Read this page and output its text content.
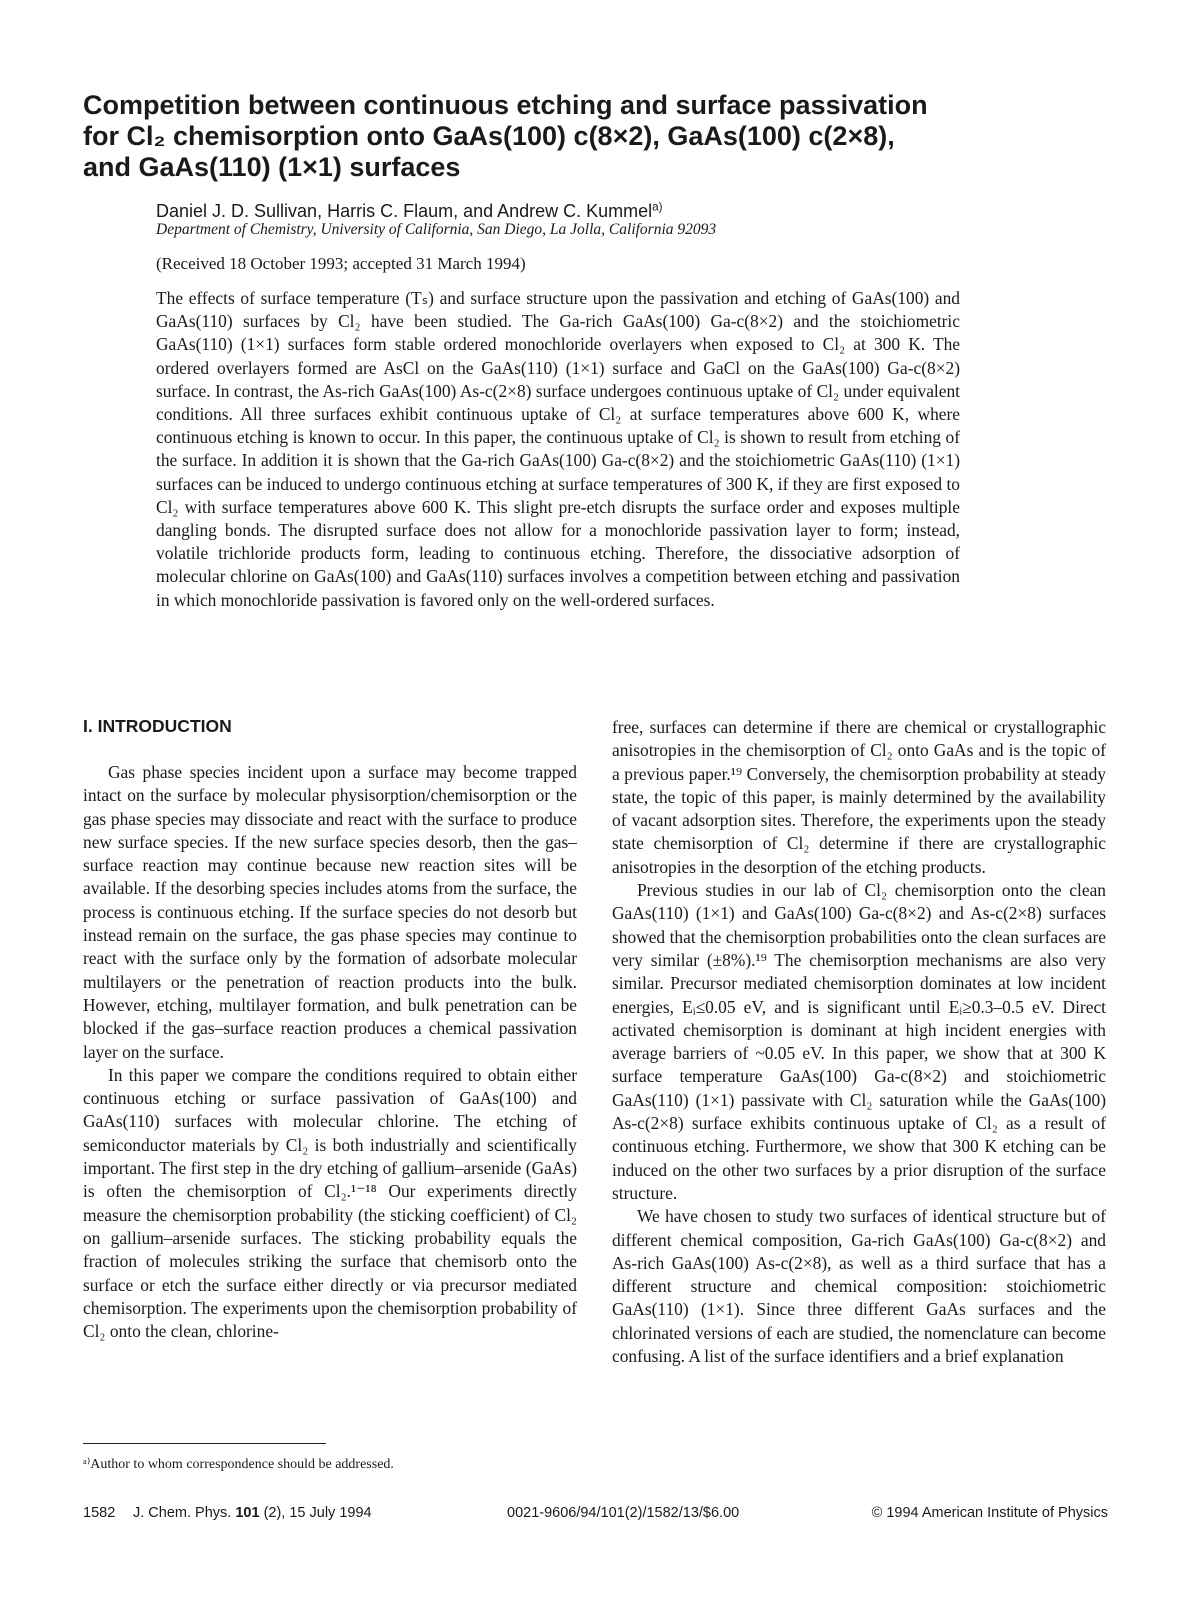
Competition between continuous etching and surface passivation
for Cl₂ chemisorption onto GaAs(100) c(8×2), GaAs(100) c(2×8),
and GaAs(110) (1×1) surfaces
Daniel J. D. Sullivan, Harris C. Flaum, and Andrew C. Kummel$^{a)}$
Department of Chemistry, University of California, San Diego, La Jolla, California 92093
(Received 18 October 1993; accepted 31 March 1994)

The effects of surface temperature (Tₛ) and surface structure upon the passivation and etching of GaAs(100) and GaAs(110) surfaces by Cl₂ have been studied. The Ga-rich GaAs(100) Ga-c(8×2) and the stoichiometric GaAs(110) (1×1) surfaces form stable ordered monochloride overlayers when exposed to Cl₂ at 300 K. The ordered overlayers formed are AsCl on the GaAs(110) (1×1) surface and GaCl on the GaAs(100) Ga-c(8×2) surface. In contrast, the As-rich GaAs(100) As-c(2×8) surface undergoes continuous uptake of Cl₂ under equivalent conditions. All three surfaces exhibit continuous uptake of Cl₂ at surface temperatures above 600 K, where continuous etching is known to occur. In this paper, the continuous uptake of Cl₂ is shown to result from etching of the surface. In addition it is shown that the Ga-rich GaAs(100) Ga-c(8×2) and the stoichiometric GaAs(110) (1×1) surfaces can be induced to undergo continuous etching at surface temperatures of 300 K, if they are first exposed to Cl₂ with surface temperatures above 600 K. This slight pre-etch disrupts the surface order and exposes multiple dangling bonds. The disrupted surface does not allow for a monochloride passivation layer to form; instead, volatile trichloride products form, leading to continuous etching. Therefore, the dissociative adsorption of molecular chlorine on GaAs(100) and GaAs(110) surfaces involves a competition between etching and passivation in which monochloride passivation is favored only on the well-ordered surfaces.

I. INTRODUCTION

Gas phase species incident upon a surface may become trapped intact on the surface by molecular physisorption/chemisorption or the gas phase species may dissociate and react with the surface to produce new surface species. If the new surface species desorb, then the gas–surface reaction may continue because new reaction sites will be available. If the desorbing species includes atoms from the surface, the process is continuous etching. If the surface species do not desorb but instead remain on the surface, the gas phase species may continue to react with the surface only by the formation of adsorbate molecular multilayers or the penetration of reaction products into the bulk. However, etching, multilayer formation, and bulk penetration can be blocked if the gas–surface reaction produces a chemical passivation layer on the surface.

In this paper we compare the conditions required to obtain either continuous etching or surface passivation of GaAs(100) and GaAs(110) surfaces with molecular chlorine. The etching of semiconductor materials by Cl₂ is both industrially and scientifically important. The first step in the dry etching of gallium–arsenide (GaAs) is often the chemisorption of Cl₂.¹⁻¹⁸ Our experiments directly measure the chemisorption probability (the sticking coefficient) of Cl₂ on gallium–arsenide surfaces. The sticking probability equals the fraction of molecules striking the surface that chemisorb onto the surface or etch the surface either directly or via precursor mediated chemisorption. The experiments upon the chemisorption probability of Cl₂ onto the clean, chlorine-

free, surfaces can determine if there are chemical or crystallographic anisotropies in the chemisorption of Cl₂ onto GaAs and is the topic of a previous paper.¹⁹ Conversely, the chemisorption probability at steady state, the topic of this paper, is mainly determined by the availability of vacant adsorption sites. Therefore, the experiments upon the steady state chemisorption of Cl₂ determine if there are crystallographic anisotropies in the desorption of the etching products.

Previous studies in our lab of Cl₂ chemisorption onto the clean GaAs(110) (1×1) and GaAs(100) Ga-c(8×2) and As-c(2×8) surfaces showed that the chemisorption probabilities onto the clean surfaces are very similar (±8%).¹⁹ The chemisorption mechanisms are also very similar. Precursor mediated chemisorption dominates at low incident energies, Eᵢ≤0.05 eV, and is significant until Eᵢ≥0.3–0.5 eV. Direct activated chemisorption is dominant at high incident energies with average barriers of ~0.05 eV. In this paper, we show that at 300 K surface temperature GaAs(100) Ga-c(8×2) and stoichiometric GaAs(110) (1×1) passivate with Cl₂ saturation while the GaAs(100) As-c(2×8) surface exhibits continuous uptake of Cl₂ as a result of continuous etching. Furthermore, we show that 300 K etching can be induced on the other two surfaces by a prior disruption of the surface structure.

We have chosen to study two surfaces of identical structure but of different chemical composition, Ga-rich GaAs(100) Ga-c(8×2) and As-rich GaAs(100) As-c(2×8), as well as a third surface that has a different structure and chemical composition: stoichiometric GaAs(110) (1×1). Since three different GaAs surfaces and the chlorinated versions of each are studied, the nomenclature can become confusing. A list of the surface identifiers and a brief explanation

ᵃ⁾Author to whom correspondence should be addressed.
1582 J. Chem. Phys. 101 (2), 15 July 1994	0021-9606/94/101(2)/1582/13/$6.00	© 1994 American Institute of Physics
